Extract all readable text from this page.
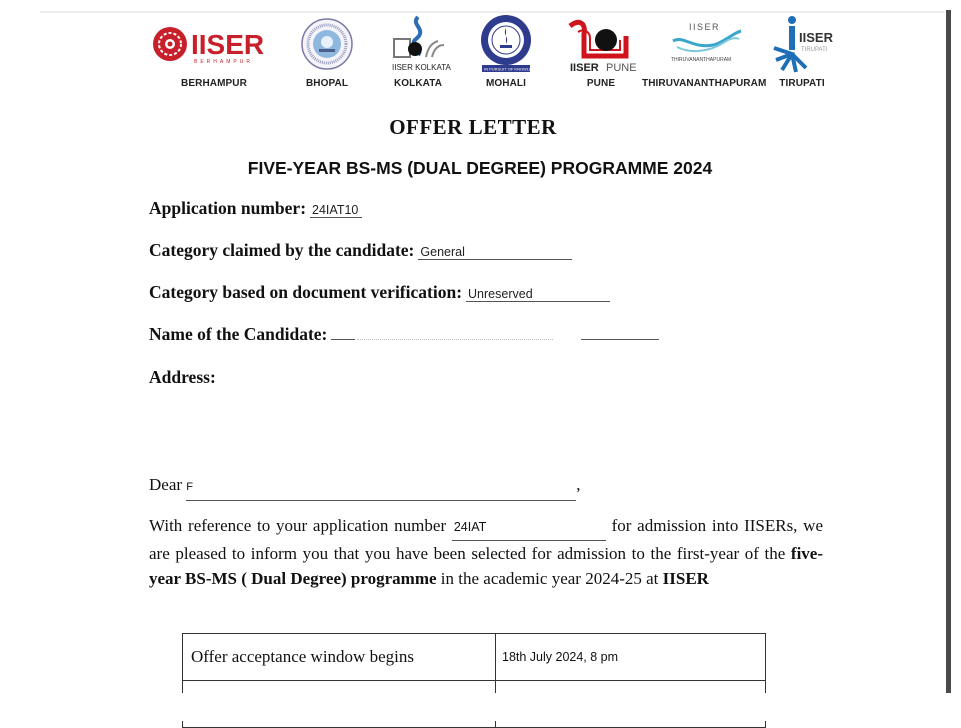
IISER
BERHAMPUR
BERHAMPUR	BHOPAL
IISER KOLKATA
KOLKATA
IN PURSUIT OF KNOWLEDGE
MOHALI
IISER PUNE
PUNE
IISER
THIRUVANANTHAPURAM
THIRUVANANTHAPURAM
IISER
TIRUPATI
TIRUPATI
OFFER LETTER
FIVE-YEAR BS-MS (DUAL DEGREE) PROGRAMME 2024
Application number: 24IAT10
Category claimed by the candidate: General
Category based on document verification: Unreserved
Name of the Candidate:
Address:
Dear F	,
With reference to your application number 24IAT	for admission into IISERs, we are pleased to inform you that you have been selected for admission to the first-year of the five-year BS-MS ( Dual Degree) programme in the academic year 2024-25 at IISER
Offer acceptance window begins	18th July 2024, 8 pm
